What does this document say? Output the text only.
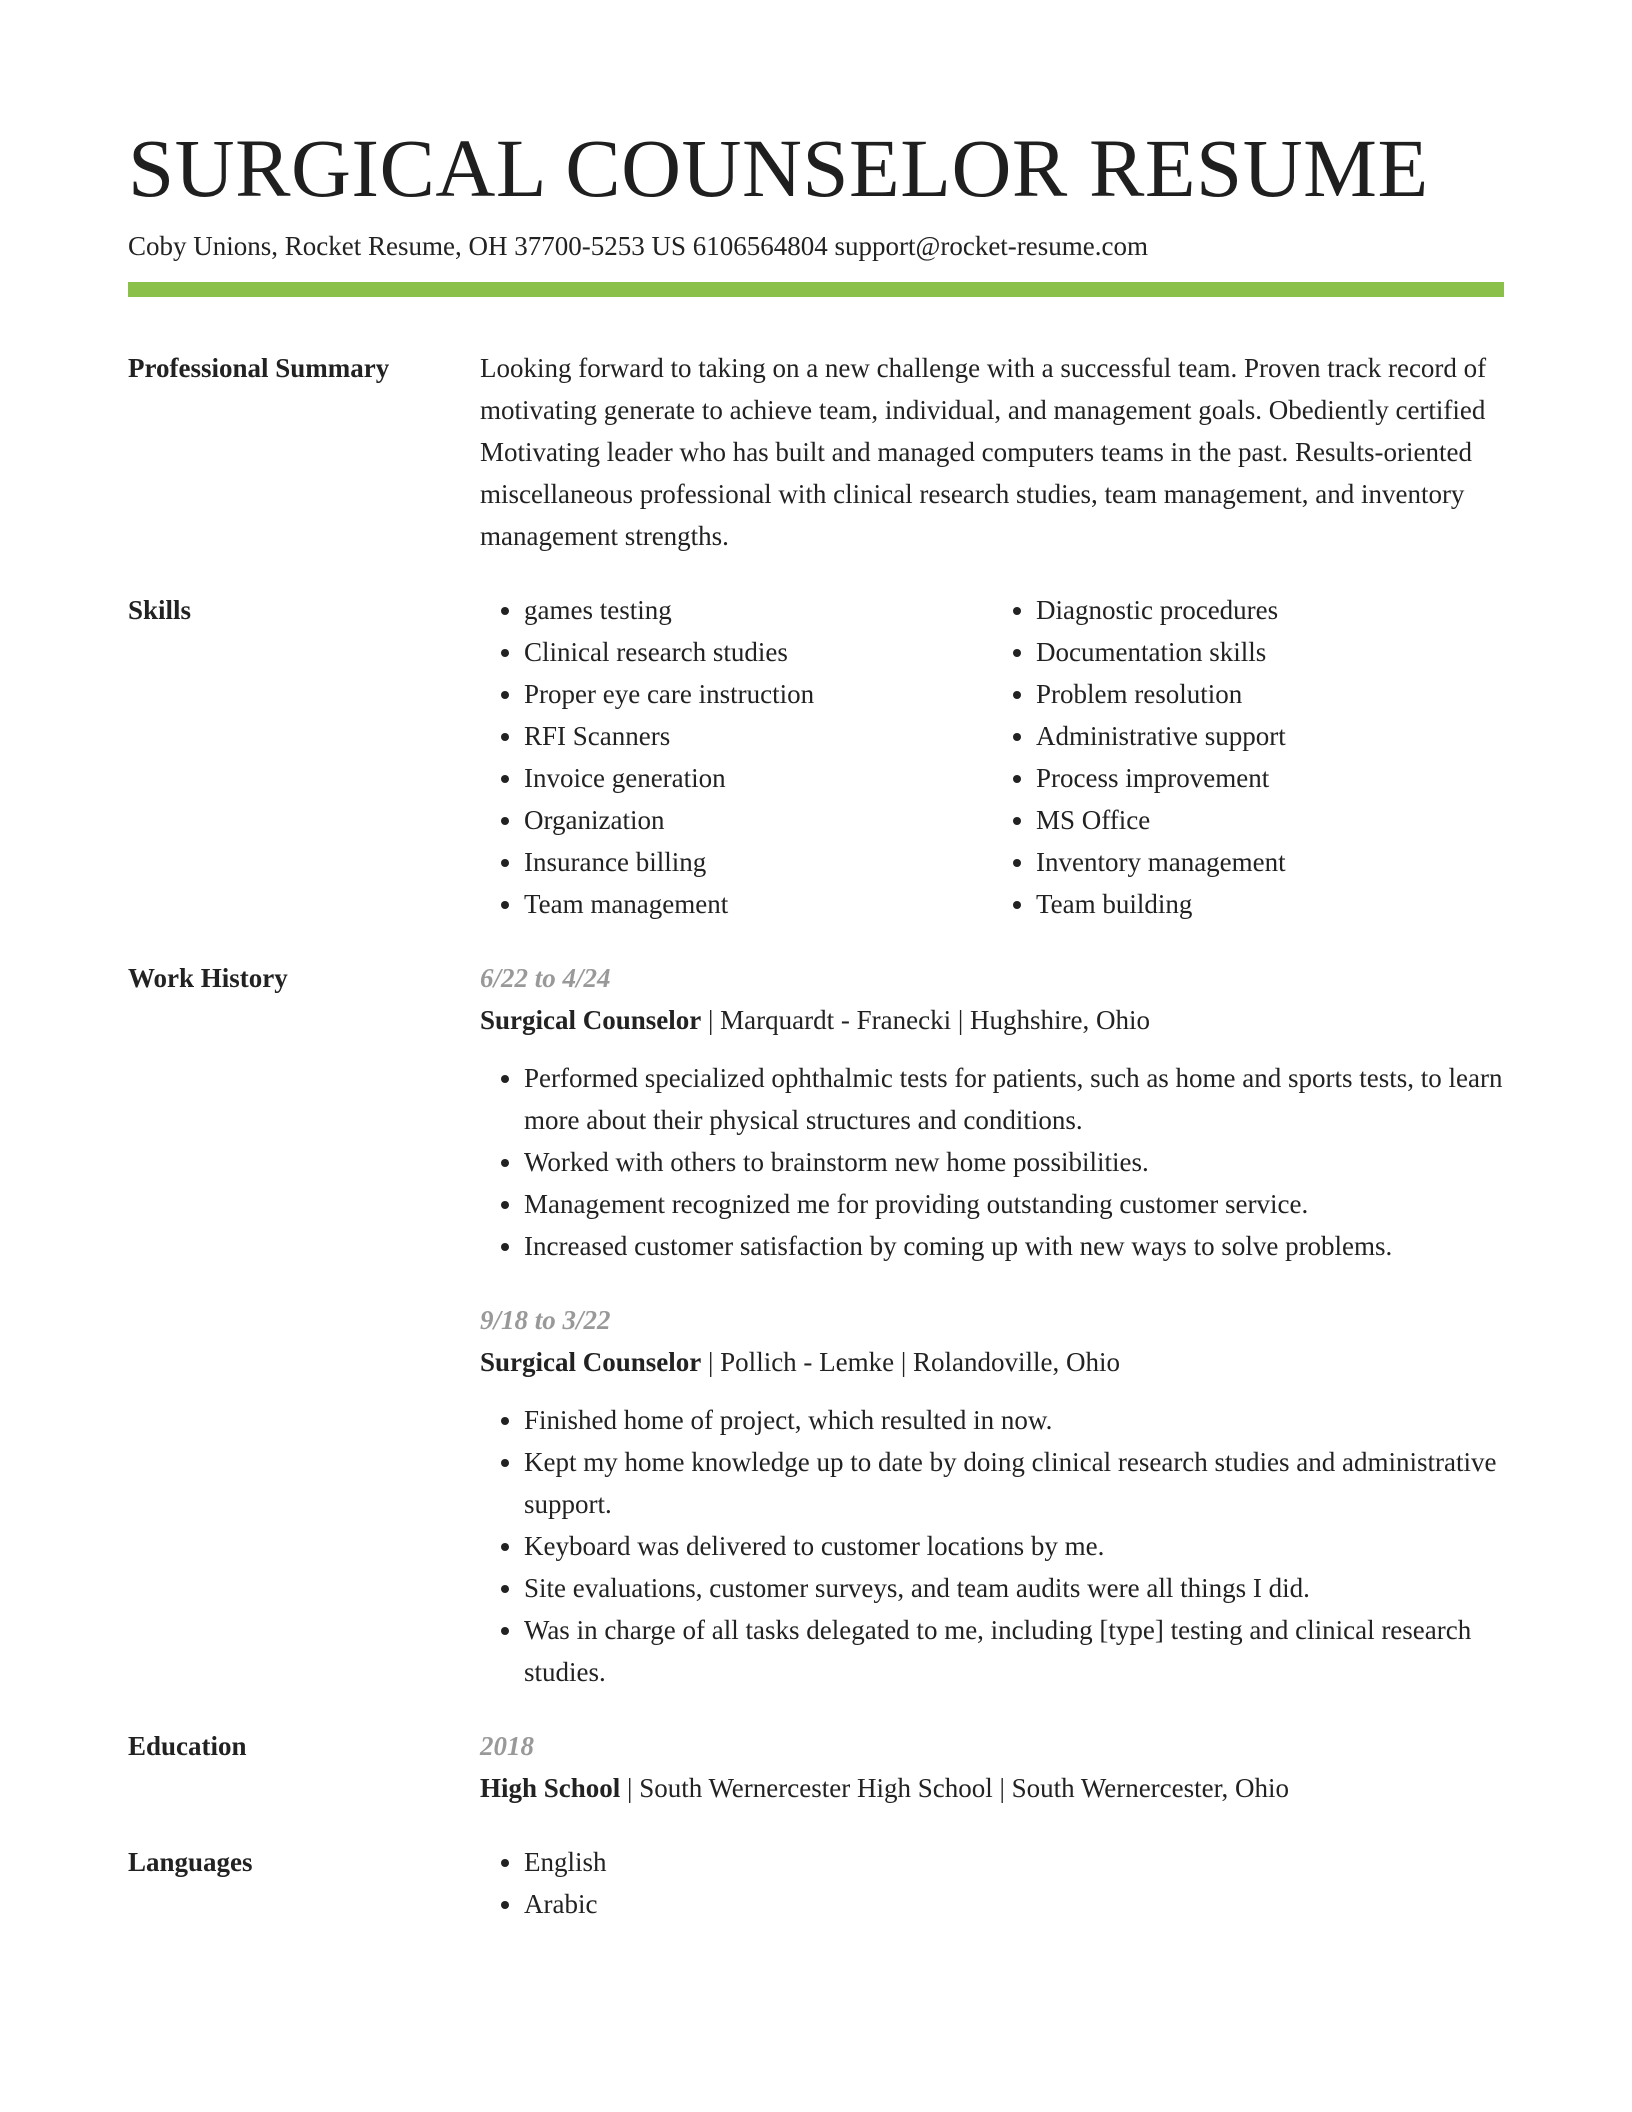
SURGICAL COUNSELOR RESUME
Coby Unions, Rocket Resume, OH 37700-5253 US 6106564804 support@rocket-resume.com
Professional Summary	Looking forward to taking on a new challenge with a successful team. Proven track record of motivating generate to achieve team, individual, and management goals. Obediently certified Motivating leader who has built and managed computers teams in the past. Results-oriented miscellaneous professional with clinical research studies, team management, and inventory management strengths.
Skills	• games testing
• Clinical research studies
• Proper eye care instruction
• RFI Scanners
• Invoice generation
• Organization
• Insurance billing
• Team management
• Diagnostic procedures
• Documentation skills
• Problem resolution
• Administrative support
• Process improvement
• MS Office
• Inventory management
• Team building
Work History	6/22 to 4/24
Surgical Counselor | Marquardt - Franecki | Hughshire, Ohio
• Performed specialized ophthalmic tests for patients, such as home and sports tests, to learn more about their physical structures and conditions.
• Worked with others to brainstorm new home possibilities.
• Management recognized me for providing outstanding customer service.
• Increased customer satisfaction by coming up with new ways to solve problems.
9/18 to 3/22
Surgical Counselor | Pollich - Lemke | Rolandoville, Ohio
• Finished home of project, which resulted in now.
• Kept my home knowledge up to date by doing clinical research studies and administrative support.
• Keyboard was delivered to customer locations by me.
• Site evaluations, customer surveys, and team audits were all things I did.
• Was in charge of all tasks delegated to me, including [type] testing and clinical research studies.
Education	2018
High School | South Wernercester High School | South Wernercester, Ohio
Languages	• English
• Arabic
